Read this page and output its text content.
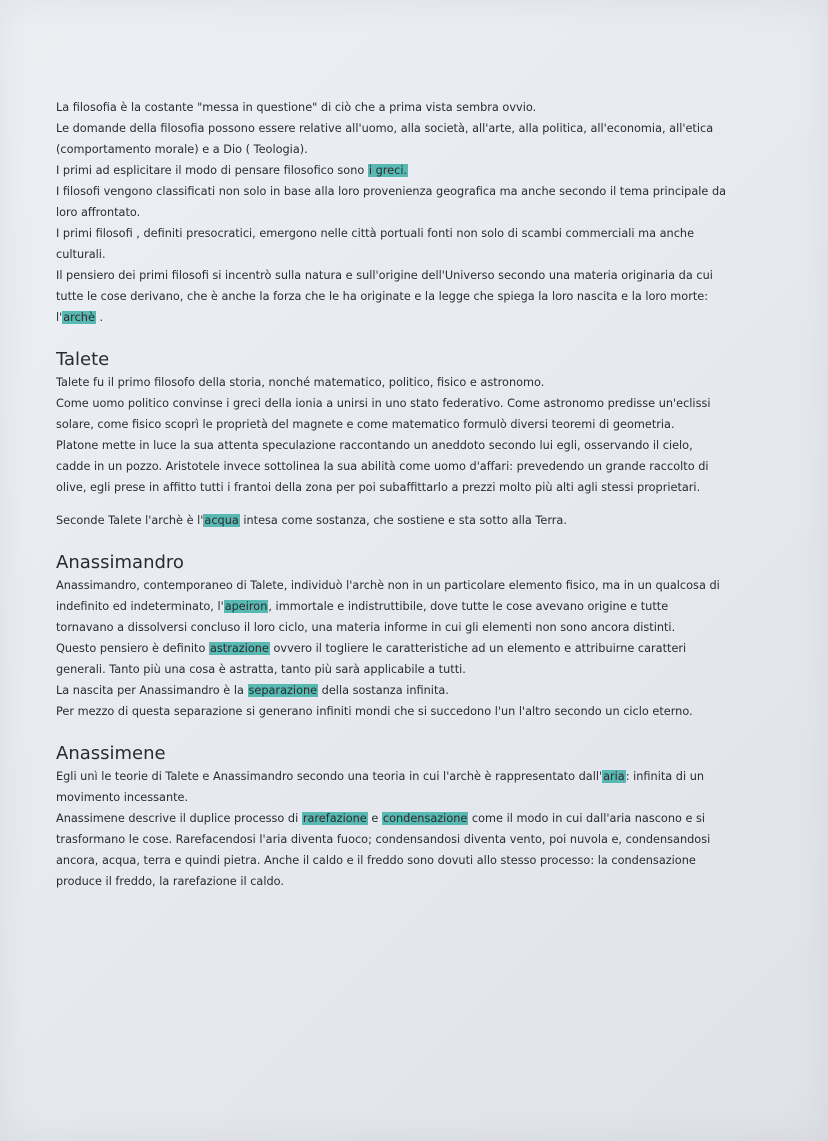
La filosofia è la costante "messa in questione" di ciò che a prima vista sembra ovvio.

Le domande della filosofia possono essere relative all'uomo, alla società, all'arte, alla politica, all'economia, all'etica (comportamento morale) e a Dio ( Teologia).

I primi ad esplicitare il modo di pensare filosofico sono i greci.

I filosofi vengono classificati non solo in base alla loro provenienza geografica ma anche secondo il tema principale da loro affrontato.

I primi filosofi , definiti presocratici, emergono nelle città portuali fonti non solo di scambi commerciali ma anche culturali.

Il pensiero dei primi filosofi si incentrò sulla natura e sull'origine dell'Universo secondo una materia originaria da cui tutte le cose derivano, che è anche la forza che le ha originate e la legge che spiega la loro nascita e la loro morte: l'archè .

Talete

Talete fu il primo filosofo della storia, nonché matematico, politico, fisico e astronomo.

Come uomo politico convinse i greci della ionia a unirsi in uno stato federativo. Come astronomo predisse un'eclissi solare, come fisico scoprì le proprietà del magnete e come matematico formulò diversi teoremi di geometria.

Platone mette in luce la sua attenta speculazione raccontando un aneddoto secondo lui egli, osservando il cielo, cadde in un pozzo. Aristotele invece sottolinea la sua abilità come uomo d'affari: prevedendo un grande raccolto di olive, egli prese in affitto tutti i frantoi della zona per poi subaffittarlo a prezzi molto più alti agli stessi proprietari.

Seconde Talete l'archè è l'acqua intesa come sostanza, che sostiene e sta sotto alla Terra.

Anassimandro

Anassimandro, contemporaneo di Talete, individuò l'archè non in un particolare elemento fisico, ma in un qualcosa di indefinito ed indeterminato, l'apeiron, immortale e indistruttibile, dove tutte le cose avevano origine e tutte tornavano a dissolversi concluso il loro ciclo, una materia informe in cui gli elementi non sono ancora distinti.

Questo pensiero è definito astrazione ovvero il togliere le caratteristiche ad un elemento e attribuirne caratteri generali. Tanto più una cosa è astratta, tanto più sarà applicabile a tutti.

La nascita per Anassimandro è la separazione della sostanza infinita.

Per mezzo di questa separazione si generano infiniti mondi che si succedono l'un l'altro secondo un ciclo eterno.

Anassimene

Egli unì le teorie di Talete e Anassimandro secondo una teoria in cui l'archè è rappresentato dall'aria: infinita di un movimento incessante.

Anassimene descrive il duplice processo di rarefazione e condensazione come il modo in cui dall'aria nascono e si trasformano le cose. Rarefacendosi l'aria diventa fuoco; condensandosi diventa vento, poi nuvola e, condensandosi ancora, acqua, terra e quindi pietra. Anche il caldo e il freddo sono dovuti allo stesso processo: la condensazione produce il freddo, la rarefazione il caldo.
